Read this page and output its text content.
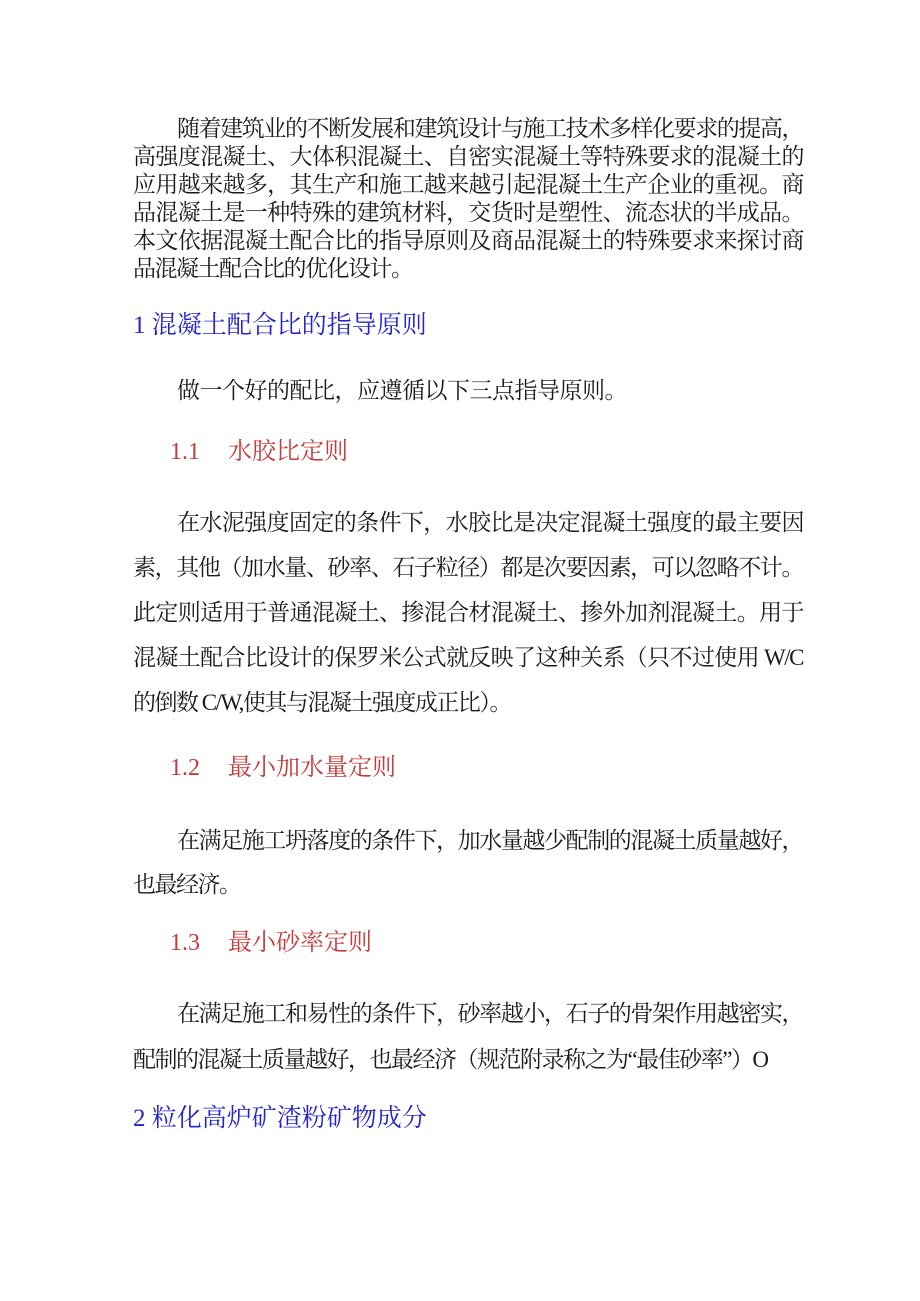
随着建筑业的不断发展和建筑设计与施工技术多样化要求的提高，
高强度混凝土、大体积混凝土、自密实混凝土等特殊要求的混凝土的
应用越来越多，其生产和施工越来越引起混凝土生产企业的重视。商
品混凝土是一种特殊的建筑材料，交货时是塑性、流态状的半成品。
本文依据混凝土配合比的指导原则及商品混凝土的特殊要求来探讨商
品混凝土配合比的优化设计。
1 混凝土配合比的指导原则
做一个好的配比，应遵循以下三点指导原则。
1.1 水胶比定则
在水泥强度固定的条件下，水胶比是决定混凝土强度的最主要因
素，其他（加水量、砂率、石子粒径）都是次要因素，可以忽略不计。
此定则适用于普通混凝土、掺混合材混凝土、掺外加剂混凝土。用于
混凝土配合比设计的保罗米公式就反映了这种关系（只不过使用 W/C
的倒数 C/W,使其与混凝土强度成正比）。
1.2 最小加水量定则
在满足施工坍落度的条件下，加水量越少配制的混凝土质量越好，
也最经济。
1.3 最小砂率定则
在满足施工和易性的条件下，砂率越小，石子的骨架作用越密实，
配制的混凝土质量越好，也最经济（规范附录称之为“最佳砂率”）O
2 粒化高炉矿渣粉矿物成分
